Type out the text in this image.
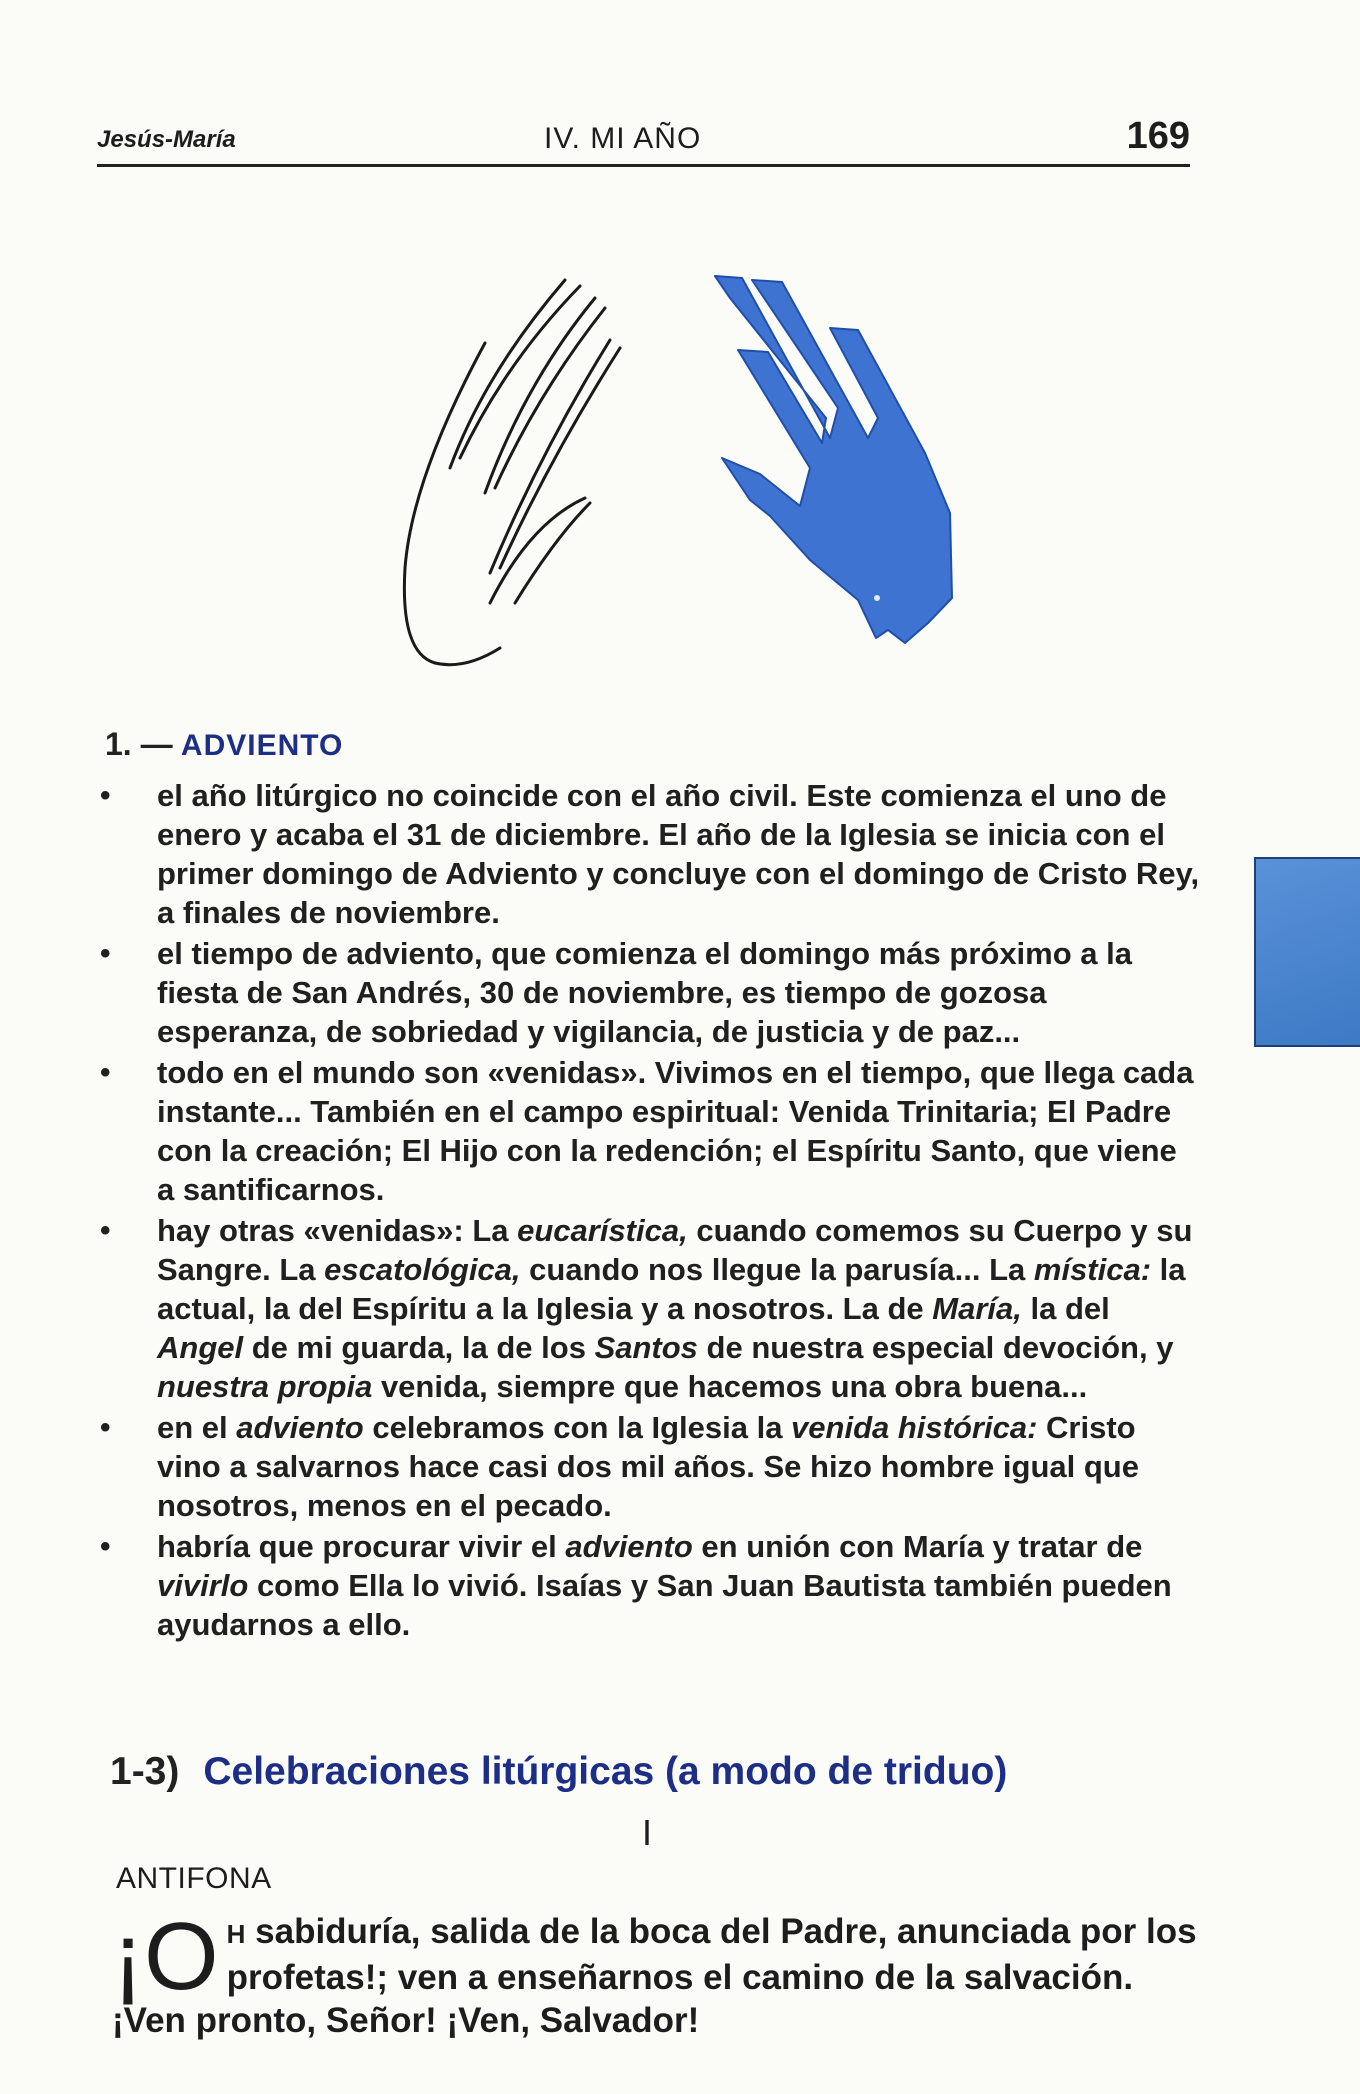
Jesús-María	IV. MI AÑO	169
1. — ADVIENTO
• el año litúrgico no coincide con el año civil. Este comienza el uno de enero y acaba el 31 de diciembre. El año de la Iglesia se inicia con el primer domingo de Adviento y concluye con el domingo de Cristo Rey, a finales de noviembre.
• el tiempo de adviento, que comienza el domingo más próximo a la fiesta de San Andrés, 30 de noviembre, es tiempo de gozosa esperanza, de sobriedad y vigilancia, de justicia y de paz...
• todo en el mundo son «venidas». Vivimos en el tiempo, que llega cada instante... También en el campo espiritual: Venida Trinitaria; El Padre con la creación; El Hijo con la redención; el Espíritu Santo, que viene a santificarnos.
• hay otras «venidas»: La eucarística, cuando comemos su Cuerpo y su Sangre. La escatológica, cuando nos llegue la parusía... La mística: la actual, la del Espíritu a la Iglesia y a nosotros. La de María, la del Angel de mi guarda, la de los Santos de nuestra especial devoción, y nuestra propia venida, siempre que hacemos una obra buena...
• en el adviento celebramos con la Iglesia la venida histórica: Cristo vino a salvarnos hace casi dos mil años. Se hizo hombre igual que nosotros, menos en el pecado.
• habría que procurar vivir el adviento en unión con María y tratar de vivirlo como Ella lo vivió. Isaías y San Juan Bautista también pueden ayudarnos a ello.
1-3) Celebraciones litúrgicas (a modo de triduo)
I
ANTIFONA
¡O H sabiduría, salida de la boca del Padre, anunciada por los profetas!; ven a enseñarnos el camino de la salvación. ¡Ven pronto, Señor! ¡Ven, Salvador!
